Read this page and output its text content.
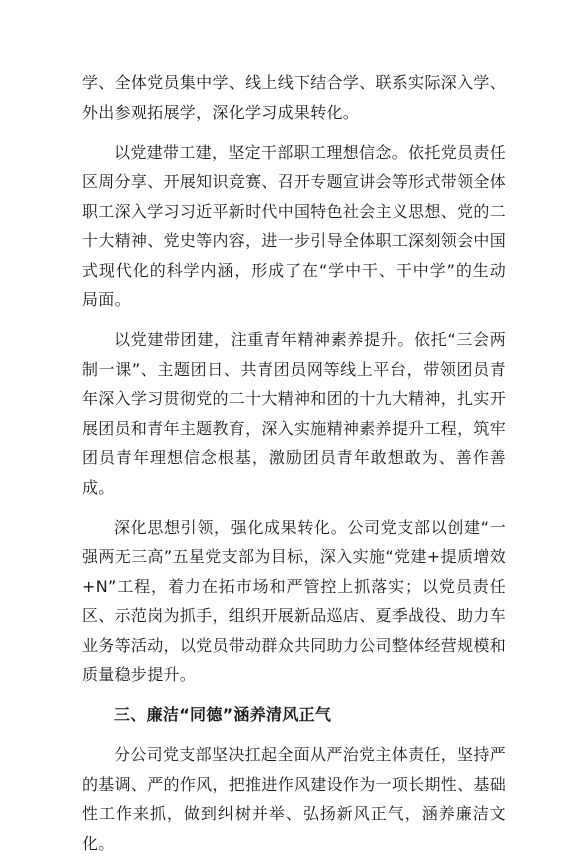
学、全体党员集中学、线上线下结合学、联系实际深入学、外出参观拓展学，深化学习成果转化。

以党建带工建，坚定干部职工理想信念。依托党员责任区周分享、开展知识竞赛、召开专题宣讲会等形式带领全体职工深入学习习近平新时代中国特色社会主义思想、党的二十大精神、党史等内容，进一步引导全体职工深刻领会中国式现代化的科学内涵，形成了在“学中干、干中学”的生动局面。

以党建带团建，注重青年精神素养提升。依托“三会两制一课”、主题团日、共青团员网等线上平台，带领团员青年深入学习贯彻党的二十大精神和团的十九大精神，扎实开展团员和青年主题教育，深入实施精神素养提升工程，筑牢团员青年理想信念根基，激励团员青年敢想敢为、善作善成。

深化思想引领，强化成果转化。公司党支部以创建“一强两无三高”五星党支部为目标，深入实施“党建+提质增效+N”工程，着力在拓市场和严管控上抓落实；以党员责任区、示范岗为抓手，组织开展新品巡店、夏季战役、助力车业务等活动，以党员带动群众共同助力公司整体经营规模和质量稳步提升。

三、廉洁“同德”涵养清风正气

分公司党支部坚决扛起全面从严治党主体责任，坚持严的基调、严的作风，把推进作风建设作为一项长期性、基础性工作来抓，做到纠树并举、弘扬新风正气，涵养廉洁文化。
